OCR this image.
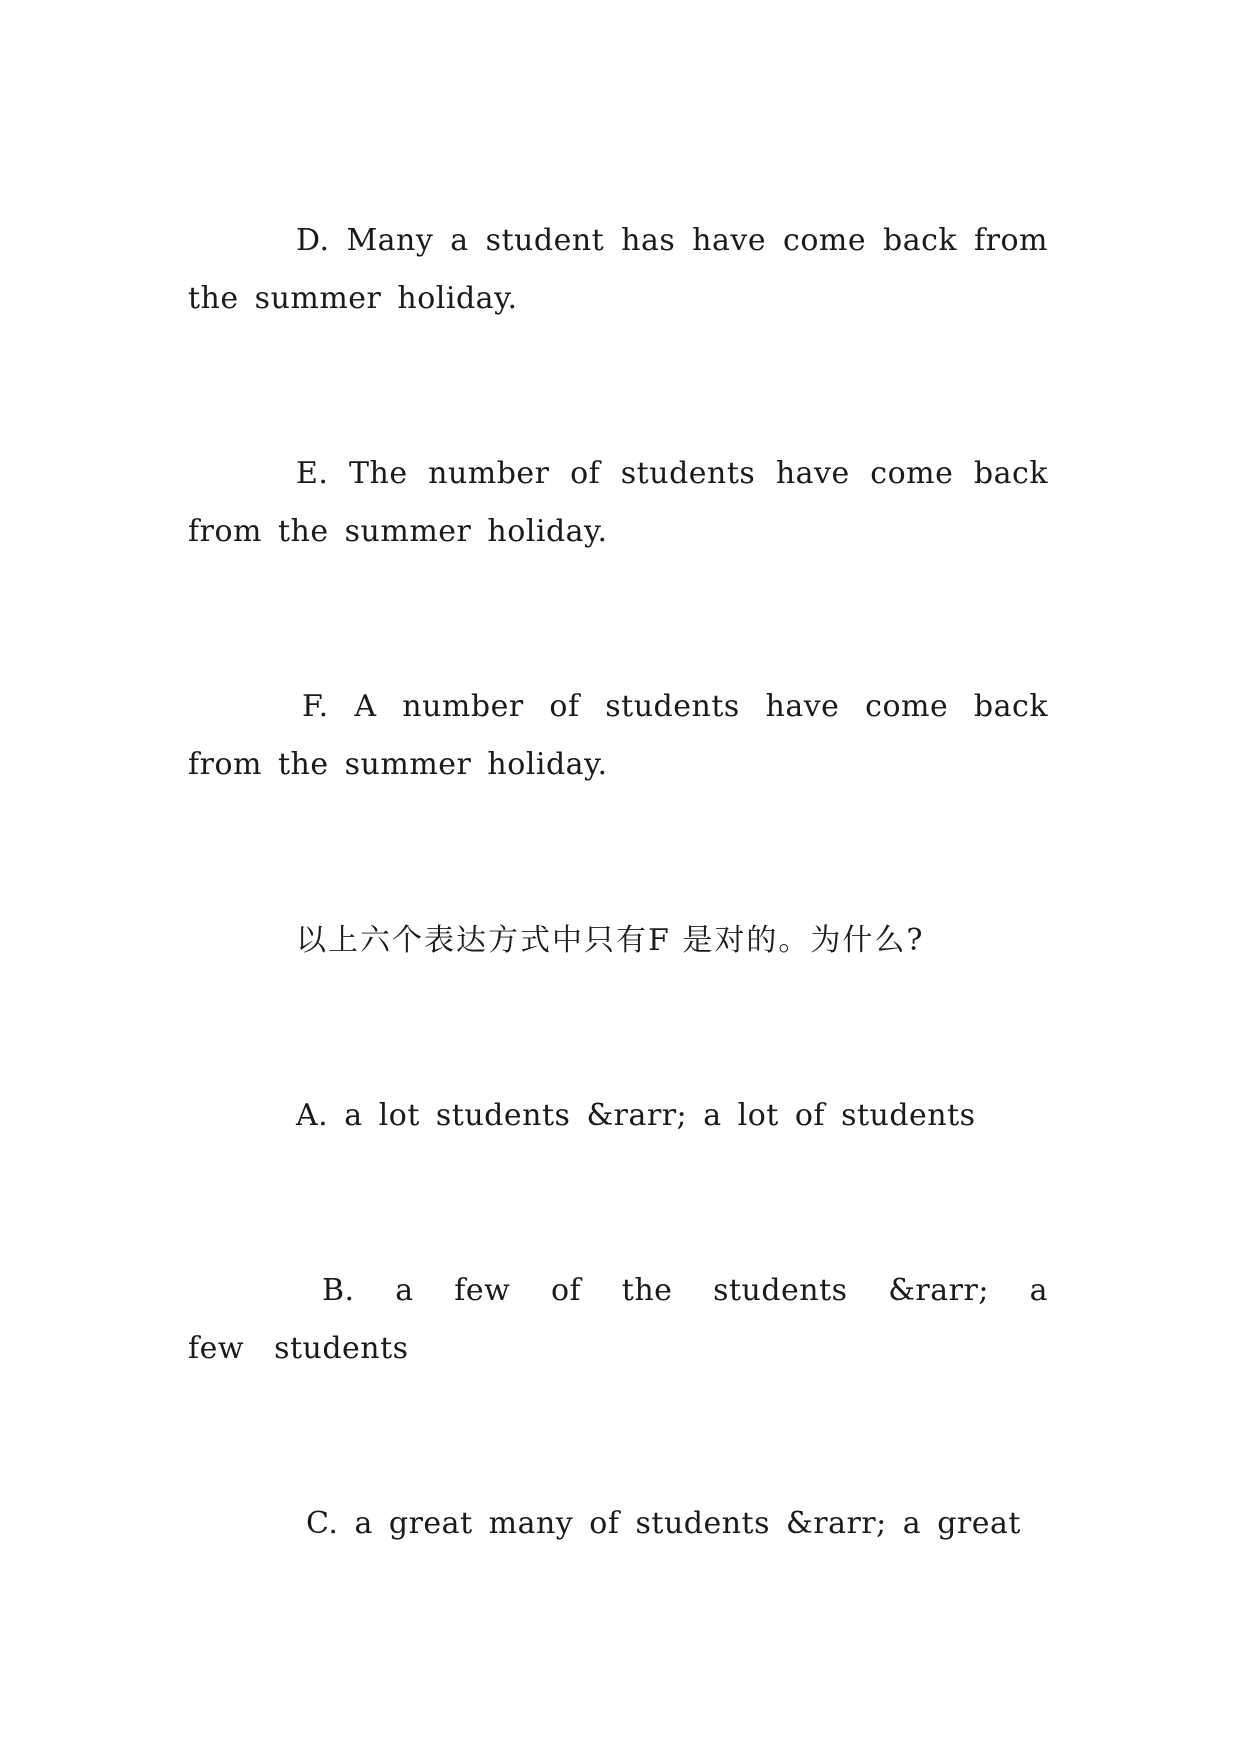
D. Many a student has have come back from the summer holiday.

E. The number of students have come back from the summer holiday.

F. A number of students have come back from the summer holiday.

以上六个表达方式中只有F 是对的。为什么?

A. a lot students &rarr; a lot of students

B. a few of the students &rarr; a few students

C. a great many of students &rarr; a great
